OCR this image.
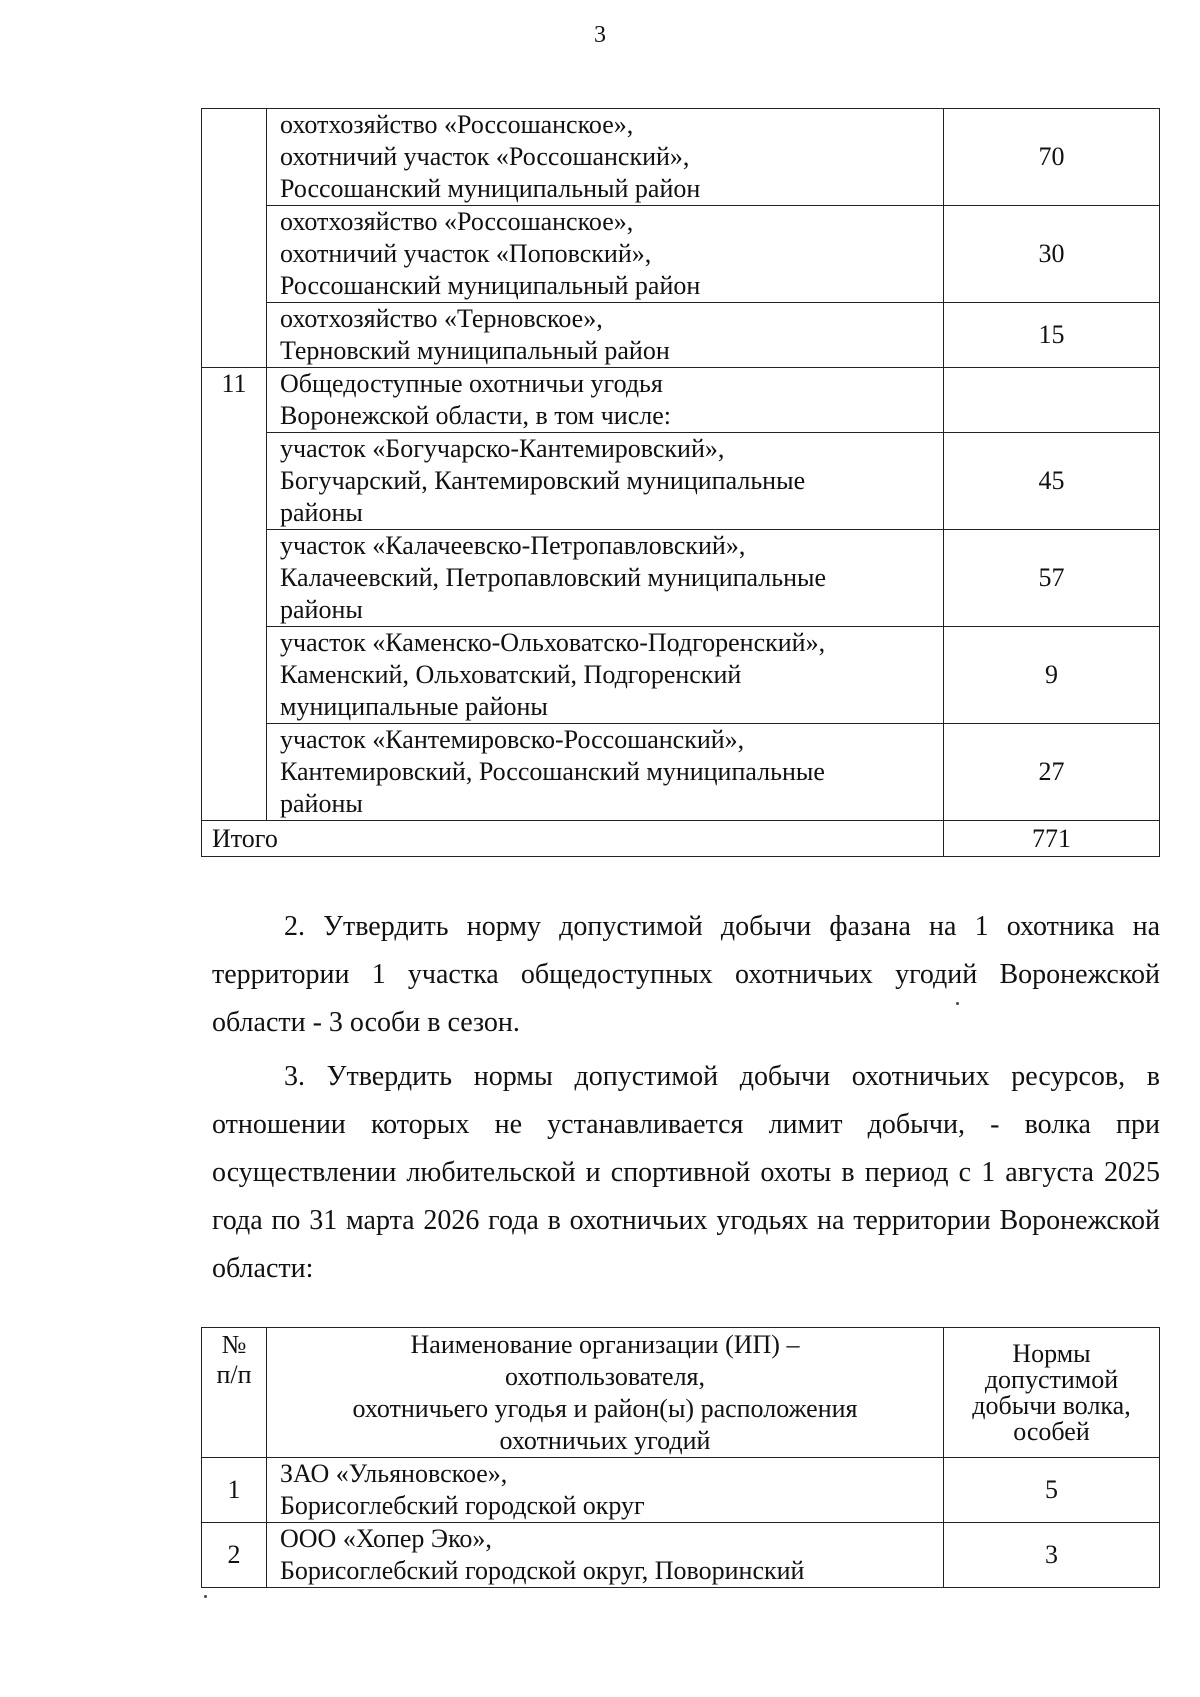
3

	охотхозяйство «Россошанское»,
охотничий участок «Россошанский»,
Россошанский муниципальный район	70

	охотхозяйство «Россошанское»,
охотничий участок «Поповский»,
Россошанский муниципальный район	30

	охотхозяйство «Терновское»,
Терновский муниципальный район	15
11	Общедоступные охотничьи угодья
Воронежской области, в том числе:	

	участок «Богучарско-Кантемировский»,
Богучарский, Кантемировский муниципальные
районы	45

	участок «Калачеевско-Петропавловский»,
Калачеевский, Петропавловский муниципальные
районы	57

	участок «Каменско-Ольховатско-Подгоренский»,
Каменский, Ольховатский, Подгоренский
муниципальные районы	9

	участок «Кантемировско-Россошанский»,
Кантемировский, Россошанский муниципальные
районы	27
Итого		771

2. Утвердить норму допустимой добычи фазана на 1 охотника на территории 1 участка общедоступных охотничьих угодий Воронежской области - 3 особи в сезон.

3. Утвердить нормы допустимой добычи охотничьих ресурсов, в отношении которых не устанавливается лимит добычи, - волка при осуществлении любительской и спортивной охоты в период с 1 августа 2025 года по 31 марта 2026 года в охотничьих угодьях на территории Воронежской области:

№
п/п	Наименование организации (ИП) –
охотпользователя,
охотничьего угодья и район(ы) расположения
охотничьих угодий	Нормы
допустимой
добычи волка,
особей

1	ЗАО «Ульяновское»,
Борисоглебский городской округ	5
2	ООО «Хопер Эко»,
Борисоглебский городской округ, Поворинский	3
